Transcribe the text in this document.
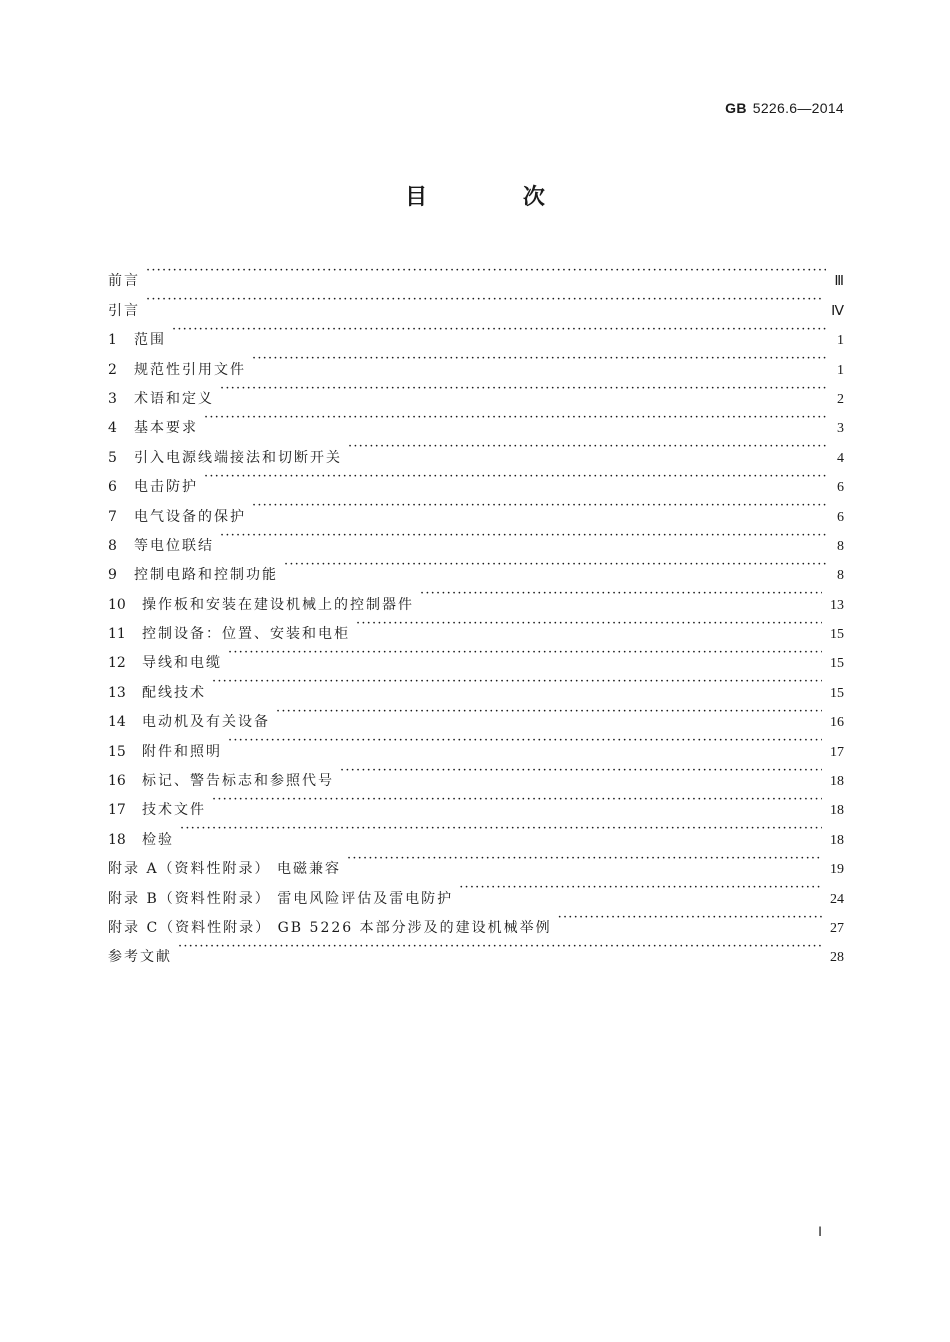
GB 5226.6—2014
目 次
前言 ·····	Ⅲ
引言 ·····	Ⅳ
1	范围 ·····	1
2	规范性引用文件 ·····	1
3	术语和定义 ·····	2
4	基本要求 ·····	3
5	引入电源线端接法和切断开关 ·····	4
6	电击防护 ·····	6
7	电气设备的保护 ·····	6
8	等电位联结 ·····	8
9	控制电路和控制功能 ·····	8
10	操作板和安装在建设机械上的控制器件 ·····	13
11	控制设备：位置、安装和电柜 ·····	15
12	导线和电缆 ·····	15
13	配线技术 ·····	15
14	电动机及有关设备 ·····	16
15	附件和照明 ·····	17
16	标记、警告标志和参照代号 ·····	18
17	技术文件 ·····	18
18	检验 ·····	18
附录 A（资料性附录） 电磁兼容 ·····	19
附录 B（资料性附录） 雷电风险评估及雷电防护 ·····	24
附录 C（资料性附录） GB 5226 本部分涉及的建设机械举例 ·····	27
参考文献 ·····	28
Ⅰ
